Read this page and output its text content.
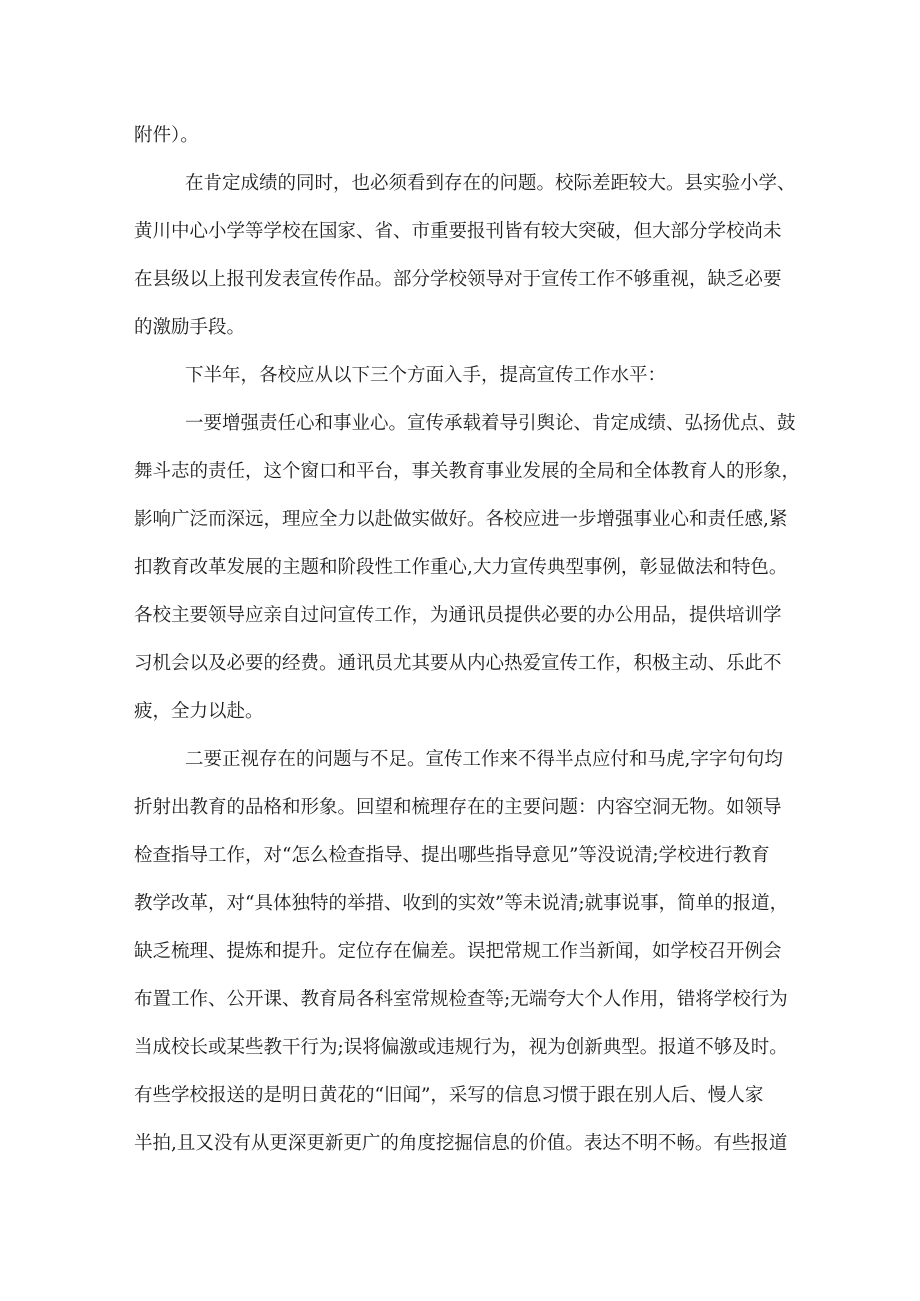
附件）。
在肯定成绩的同时，也必须看到存在的问题。校际差距较大。县实验小学、
黄川中心小学等学校在国家、省、市重要报刊皆有较大突破，但大部分学校尚未
在县级以上报刊发表宣传作品。部分学校领导对于宣传工作不够重视，缺乏必要
的激励手段。
下半年，各校应从以下三个方面入手，提高宣传工作水平：
一要增强责任心和事业心。宣传承载着导引舆论、肯定成绩、弘扬优点、鼓
舞斗志的责任，这个窗口和平台，事关教育事业发展的全局和全体教育人的形象，
影响广泛而深远，理应全力以赴做实做好。各校应进一步增强事业心和责任感,紧
扣教育改革发展的主题和阶段性工作重心,大力宣传典型事例，彰显做法和特色。
各校主要领导应亲自过问宣传工作，为通讯员提供必要的办公用品，提供培训学
习机会以及必要的经费。通讯员尤其要从内心热爱宣传工作，积极主动、乐此不
疲，全力以赴。
二要正视存在的问题与不足。宣传工作来不得半点应付和马虎,字字句句均
折射出教育的品格和形象。回望和梳理存在的主要问题：内容空洞无物。如领导
检查指导工作，对“怎么检查指导、提出哪些指导意见”等没说清;学校进行教育
教学改革，对“具体独特的举措、收到的实效”等未说清;就事说事，简单的报道，
缺乏梳理、提炼和提升。定位存在偏差。误把常规工作当新闻，如学校召开例会
布置工作、公开课、教育局各科室常规检查等;无端夸大个人作用，错将学校行为
当成校长或某些教干行为;误将偏激或违规行为，视为创新典型。报道不够及时。
有些学校报送的是明日黄花的“旧闻”，采写的信息习惯于跟在别人后、慢人家
半拍,且又没有从更深更新更广的角度挖掘信息的价值。表达不明不畅。有些报道
